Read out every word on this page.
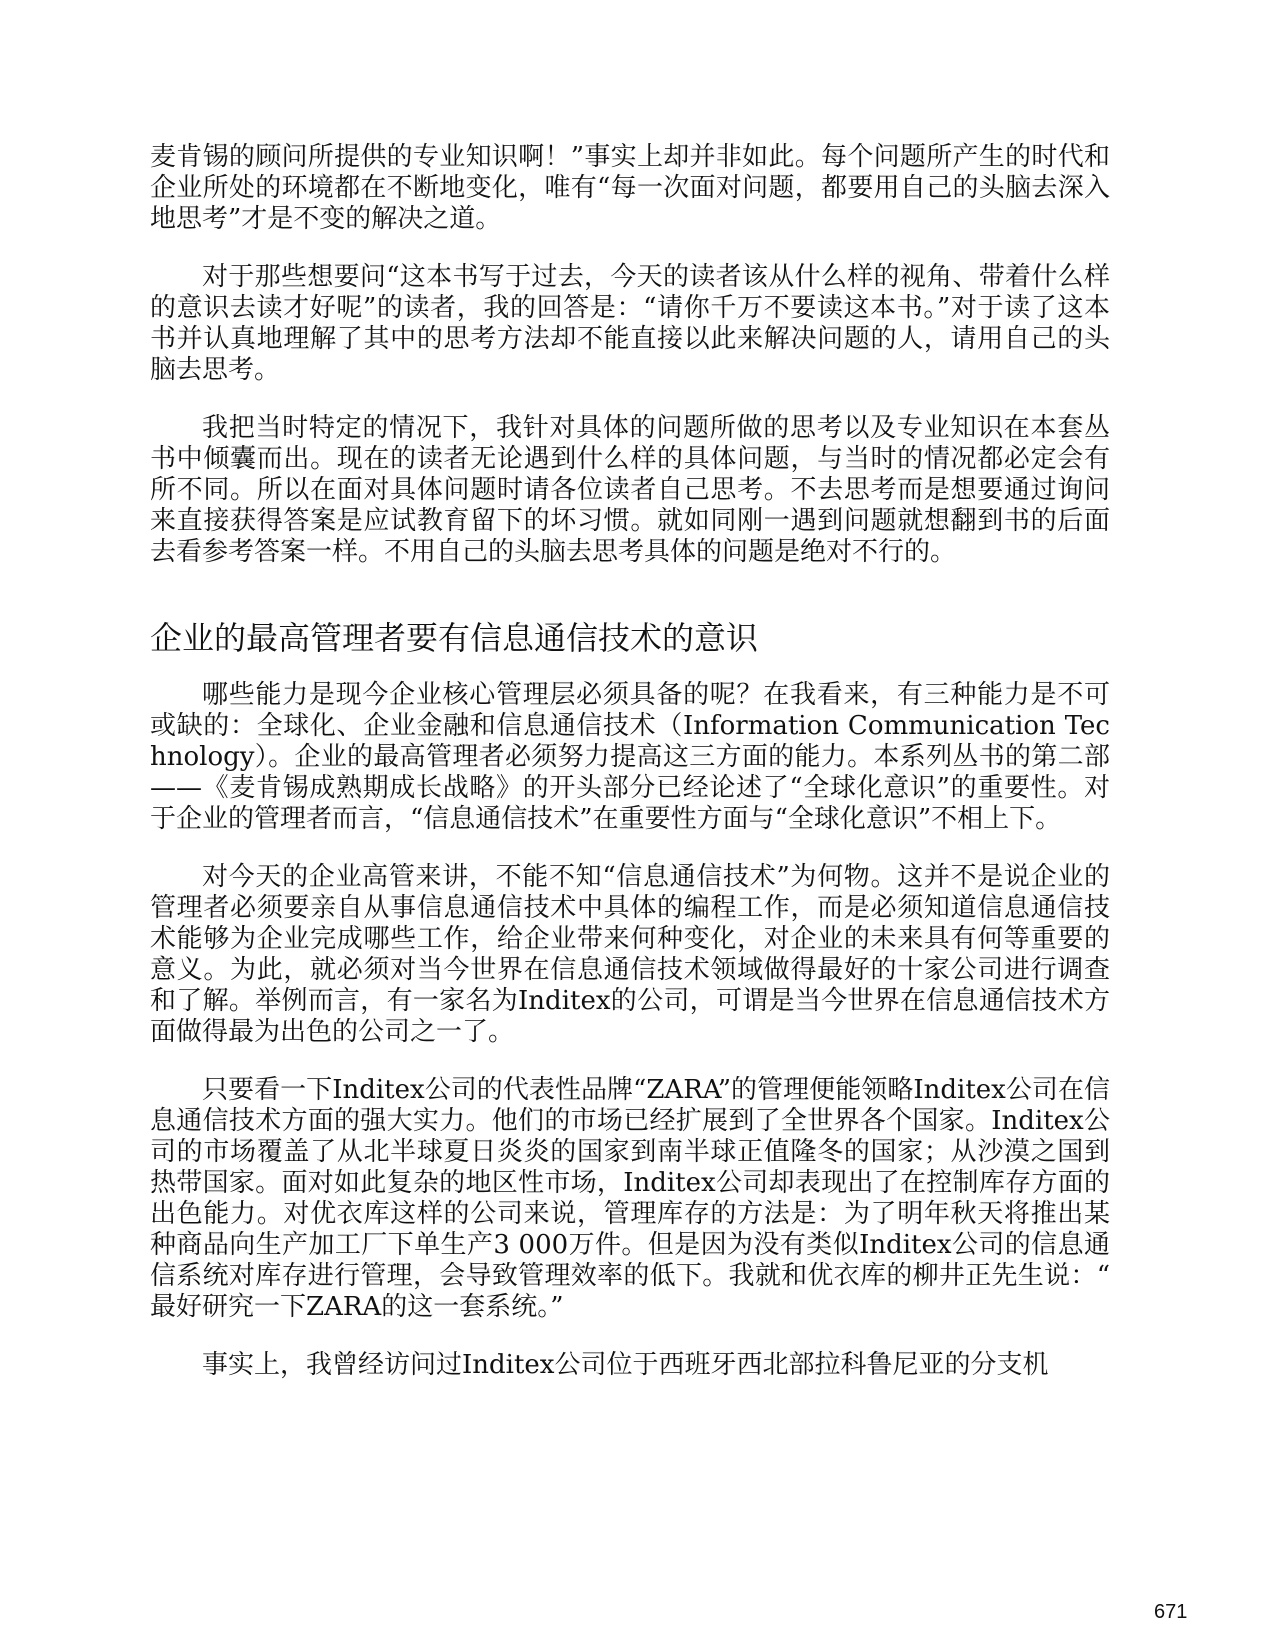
麦肯锡的顾问所提供的专业知识啊！”事实上却并非如此。每个问题所产生的时代和企业所处的环境都在不断地变化，唯有“每一次面对问题，都要用自己的头脑去深入地思考”才是不变的解决之道。

对于那些想要问“这本书写于过去，今天的读者该从什么样的视角、带着什么样的意识去读才好呢”的读者，我的回答是：“请你千万不要读这本书。”对于读了这本书并认真地理解了其中的思考方法却不能直接以此来解决问题的人，请用自己的头脑去思考。

我把当时特定的情况下，我针对具体的问题所做的思考以及专业知识在本套丛书中倾囊而出。现在的读者无论遇到什么样的具体问题，与当时的情况都必定会有所不同。所以在面对具体问题时请各位读者自己思考。不去思考而是想要通过询问来直接获得答案是应试教育留下的坏习惯。就如同刚一遇到问题就想翻到书的后面去看参考答案一样。不用自己的头脑去思考具体的问题是绝对不行的。

企业的最高管理者要有信息通信技术的意识

哪些能力是现今企业核心管理层必须具备的呢？在我看来，有三种能力是不可或缺的：全球化、企业金融和信息通信技术（Information Communication Technology）。企业的最高管理者必须努力提高这三方面的能力。本系列丛书的第二部——《麦肯锡成熟期成长战略》的开头部分已经论述了“全球化意识”的重要性。对于企业的管理者而言，“信息通信技术”在重要性方面与“全球化意识”不相上下。

对今天的企业高管来讲，不能不知“信息通信技术”为何物。这并不是说企业的管理者必须要亲自从事信息通信技术中具体的编程工作，而是必须知道信息通信技术能够为企业完成哪些工作，给企业带来何种变化，对企业的未来具有何等重要的意义。为此，就必须对当今世界在信息通信技术领域做得最好的十家公司进行调查和了解。举例而言，有一家名为Inditex的公司，可谓是当今世界在信息通信技术方面做得最为出色的公司之一了。

只要看一下Inditex公司的代表性品牌“ZARA”的管理便能领略Inditex公司在信息通信技术方面的强大实力。他们的市场已经扩展到了全世界各个国家。Inditex公司的市场覆盖了从北半球夏日炎炎的国家到南半球正值隆冬的国家；从沙漠之国到热带国家。面对如此复杂的地区性市场，Inditex公司却表现出了在控制库存方面的出色能力。对优衣库这样的公司来说，管理库存的方法是：为了明年秋天将推出某种商品向生产加工厂下单生产3 000万件。但是因为没有类似Inditex公司的信息通信系统对库存进行管理，会导致管理效率的低下。我就和优衣库的柳井正先生说：“最好研究一下ZARA的这一套系统。”

事实上，我曾经访问过Inditex公司位于西班牙西北部拉科鲁尼亚的分支机

671
